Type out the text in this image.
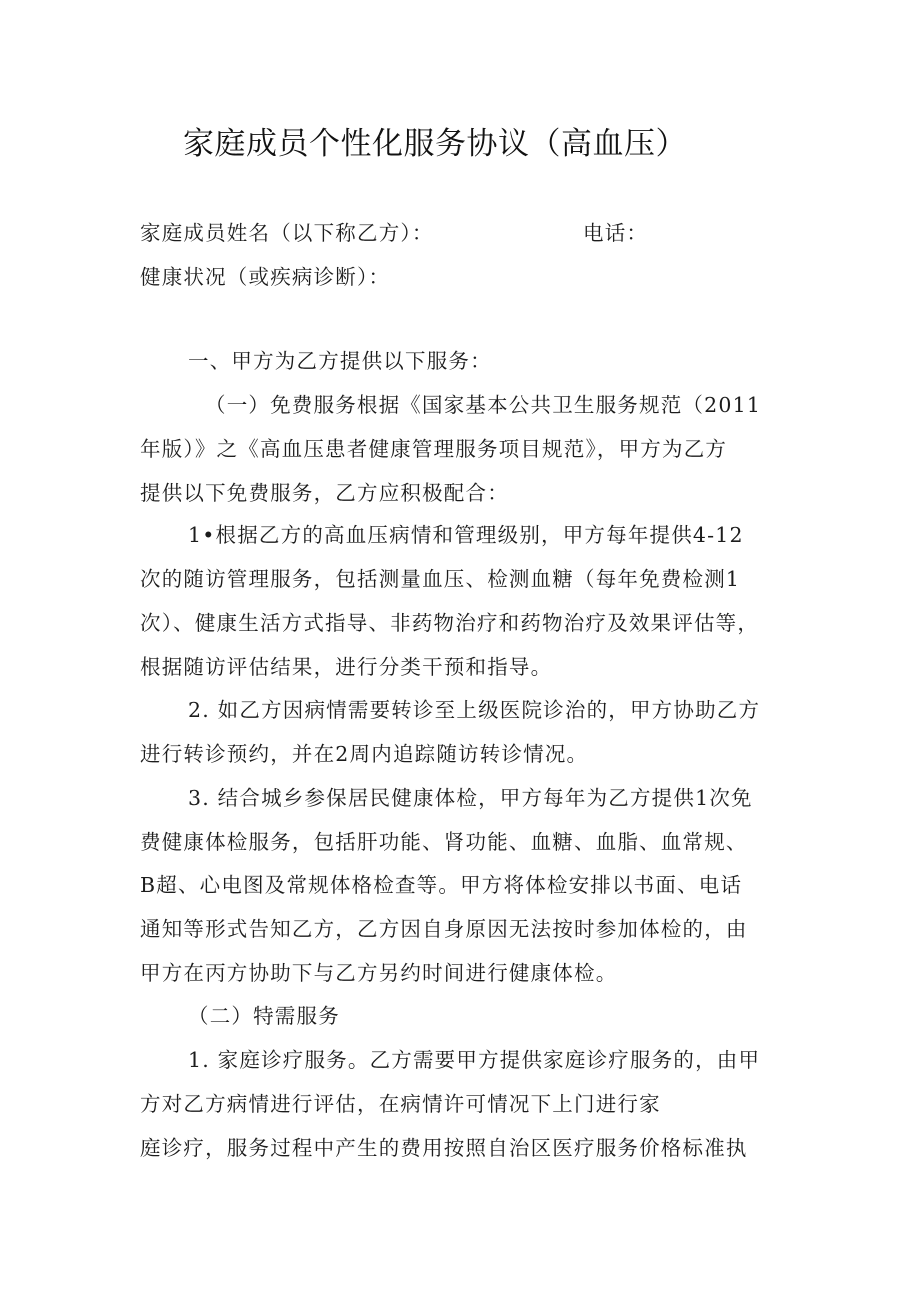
家庭成员个性化服务协议（高血压）
家庭成员姓名（以下称乙方）：	电话：
健康状况（或疾病诊断）：
一、甲方为乙方提供以下服务：
（一）免费服务根据《国家基本公共卫生服务规范（2011
年版）》之《高血压患者健康管理服务项目规范》，甲方为乙方
提供以下免费服务，乙方应积极配合：
1•根据乙方的高血压病情和管理级别，甲方每年提供4-12
次的随访管理服务，包括测量血压、检测血糖（每年免费检测1
次）、健康生活方式指导、非药物治疗和药物治疗及效果评估等，
根据随访评估结果，进行分类干预和指导。
2. 如乙方因病情需要转诊至上级医院诊治的，甲方协助乙方
进行转诊预约，并在2周内追踪随访转诊情况。
3. 结合城乡参保居民健康体检，甲方每年为乙方提供1次免
费健康体检服务，包括肝功能、肾功能、血糖、血脂、血常规、
B超、心电图及常规体格检查等。甲方将体检安排以书面、电话
通知等形式告知乙方，乙方因自身原因无法按时参加体检的，由
甲方在丙方协助下与乙方另约时间进行健康体检。
（二）特需服务
1. 家庭诊疗服务。乙方需要甲方提供家庭诊疗服务的，由甲
方对乙方病情进行评估，在病情许可情况下上门进行家
庭诊疗，服务过程中产生的费用按照自治区医疗服务价格标准执
